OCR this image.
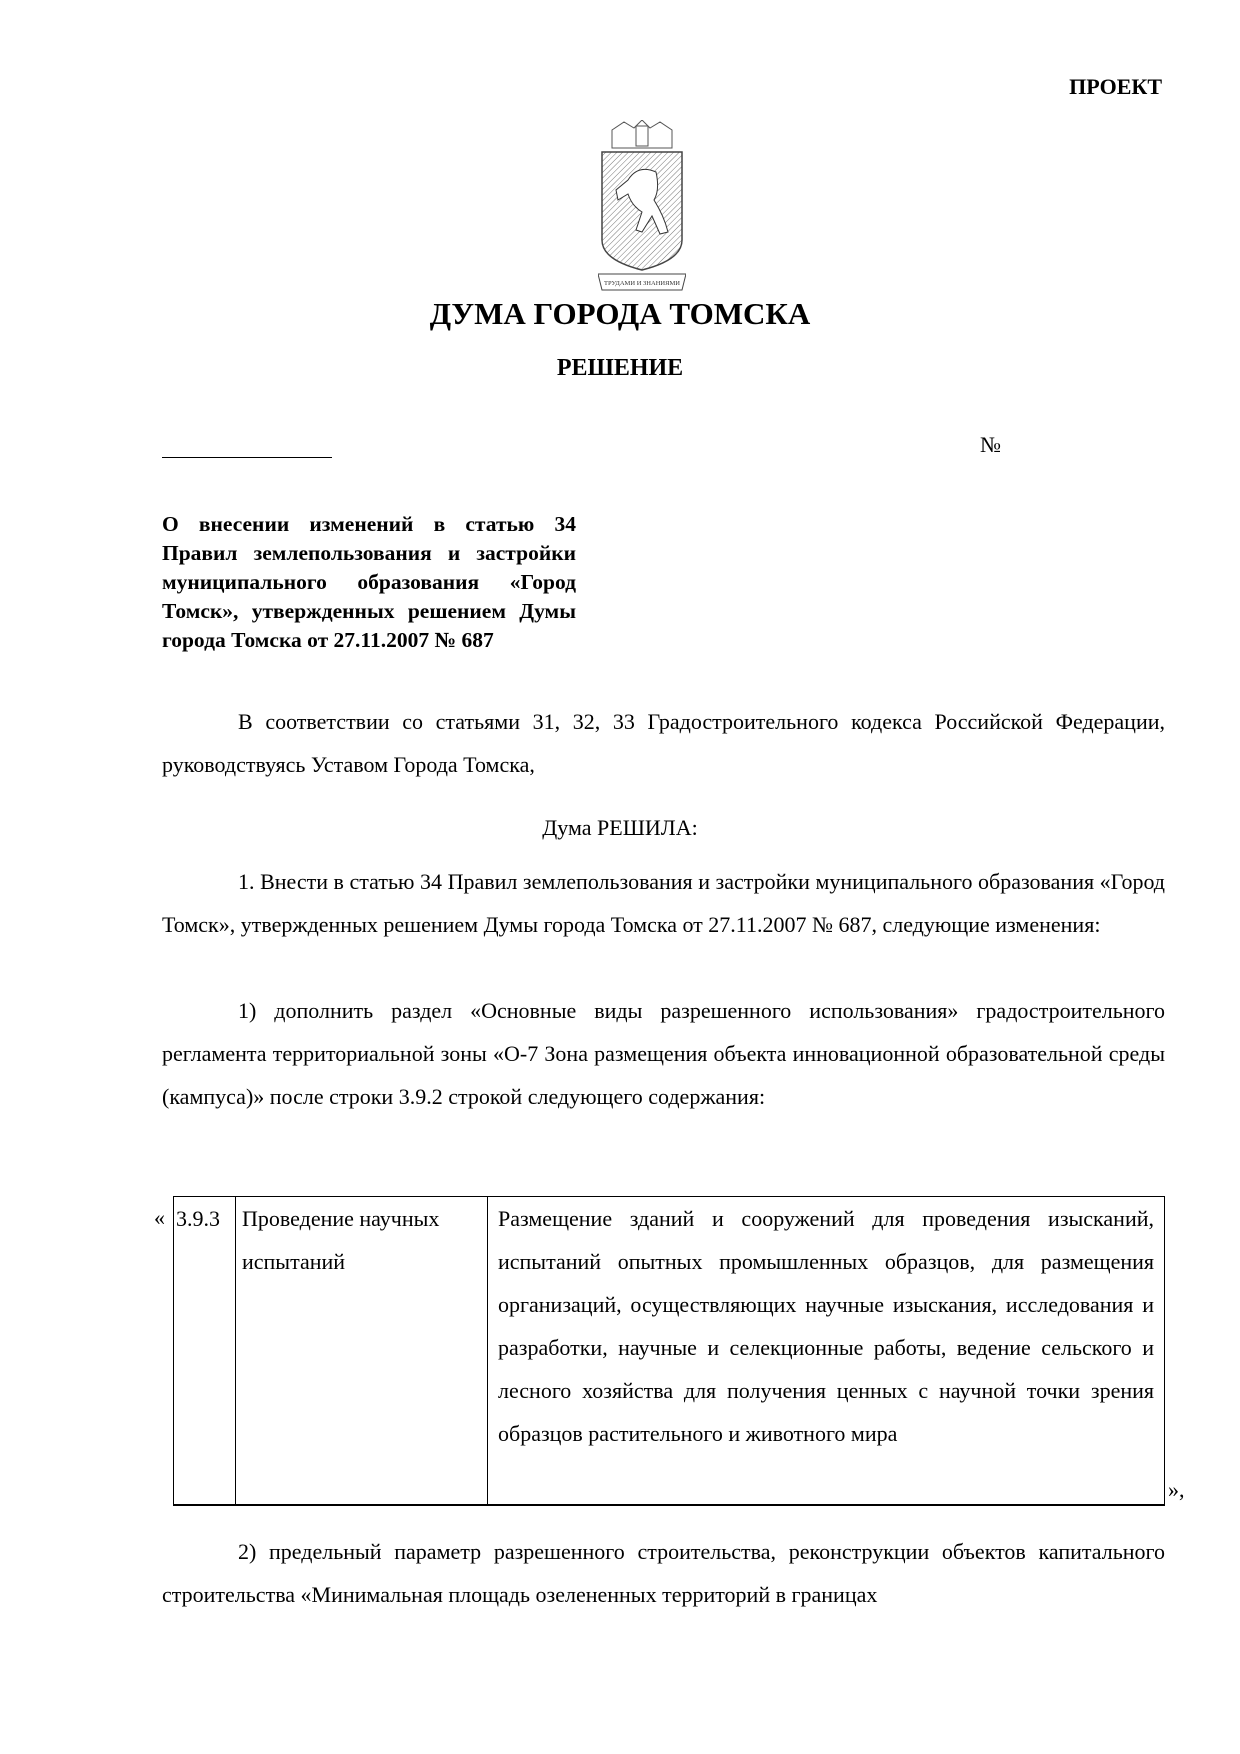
ПРОЕКТ
ТРУДАМИ И ЗНАНИЯМИ
ДУМА ГОРОДА ТОМСКА
РЕШЕНИЕ
№
О внесении изменений в статью 34 Правил землепользования и застройки муниципального образования «Город Томск», утвержденных решением Думы города Томска от 27.11.2007 № 687
В соответствии со статьями 31, 32, 33 Градостроительного кодекса Российской Федерации, руководствуясь Уставом Города Томска,
Дума РЕШИЛА:
1. Внести в статью 34 Правил землепользования и застройки муниципального образования «Город Томск», утвержденных решением Думы города Томска от 27.11.2007 № 687, следующие изменения:
1) дополнить раздел «Основные виды разрешенного использования» градостроительного регламента территориальной зоны «О-7 Зона размещения объекта инновационной образовательной среды (кампуса)» после строки 3.9.2 строкой следующего содержания:
« 3.9.3	Проведение научных испытаний
Размещение зданий и сооружений для проведения изысканий, испытаний опытных промышленных образцов, для размещения организаций, осуществляющих научные изыскания, исследования и разработки, научные и селекционные работы, ведение сельского и лесного хозяйства для получения ценных с научной точки зрения образцов растительного и животного мира
»,
2) предельный параметр разрешенного строительства, реконструкции объектов капитального строительства «Минимальная площадь озелененных территорий в границах
